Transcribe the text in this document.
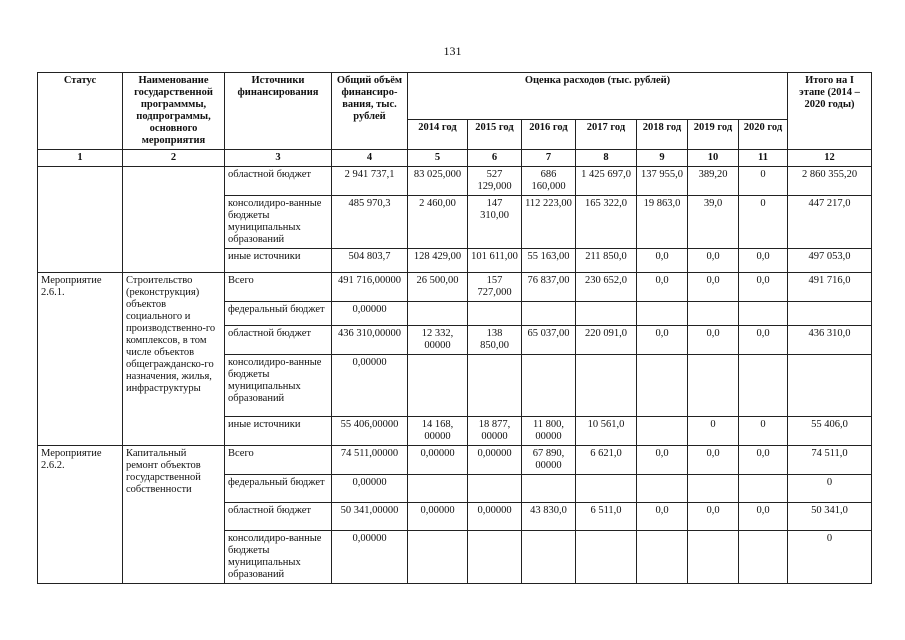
131
Статус	Наименование государственной программмы, подпрограммы, основного мероприятия	Источники финансирования	Общий объём финансиро-вания, тыс. рублей	Оценка расходов (тыс. рублей)							Итого на I этапе (2014 – 2020 годы)
				2014 год	2015 год	2016 год	2017 год	2018 год	2019 год	2020 год	
1	2	3	4	5	6	7	8	9	10	11	12
		областной бюджет	2 941 737,1	83 025,000	527 129,000	686 160,000	1 425 697,0	137 955,0	389,20	0	2 860 355,20
		консолидиро-ванные бюджеты муниципальных образований	485 970,3	2 460,00	147 310,00	112 223,00	165 322,0	19 863,0	39,0	0	447 217,0
		иные источники	504 803,7	128 429,00	101 611,00	55 163,00	211 850,0	0,0	0,0	0,0	497 053,0
Мероприятие 2.6.1.	Строительство (реконструкция) объектов социального и производственно-го комплексов, в том числе объектов общегражданско-го назначения, жилья, инфраструктуры	Всего	491 716,00000	26 500,00	157 727,000	76 837,00	230 652,0	0,0	0,0	0,0	491 716,0
		федеральный бюджет	0,00000								
		областной бюджет	436 310,00000	12 332, 00000	138 850,00	65 037,00	220 091,0	0,0	0,0	0,0	436 310,0
		консолидиро-ванные бюджеты муниципальных образований	0,00000								
		иные источники	55 406,00000	14 168, 00000	18 877, 00000	11 800, 00000	10 561,0		0	0	55 406,0
Мероприятие 2.6.2.	Капитальный ремонт объектов государственной собственности	Всего	74 511,00000	0,00000	0,00000	67 890, 00000	6 621,0	0,0	0,0	0,0	74 511,0
		федеральный бюджет	0,00000								0
		областной бюджет	50 341,00000	0,00000	0,00000	43 830,0	6 511,0	0,0	0,0	0,0	50 341,0
		консолидиро-ванные бюджеты муниципальных образований	0,00000								0
